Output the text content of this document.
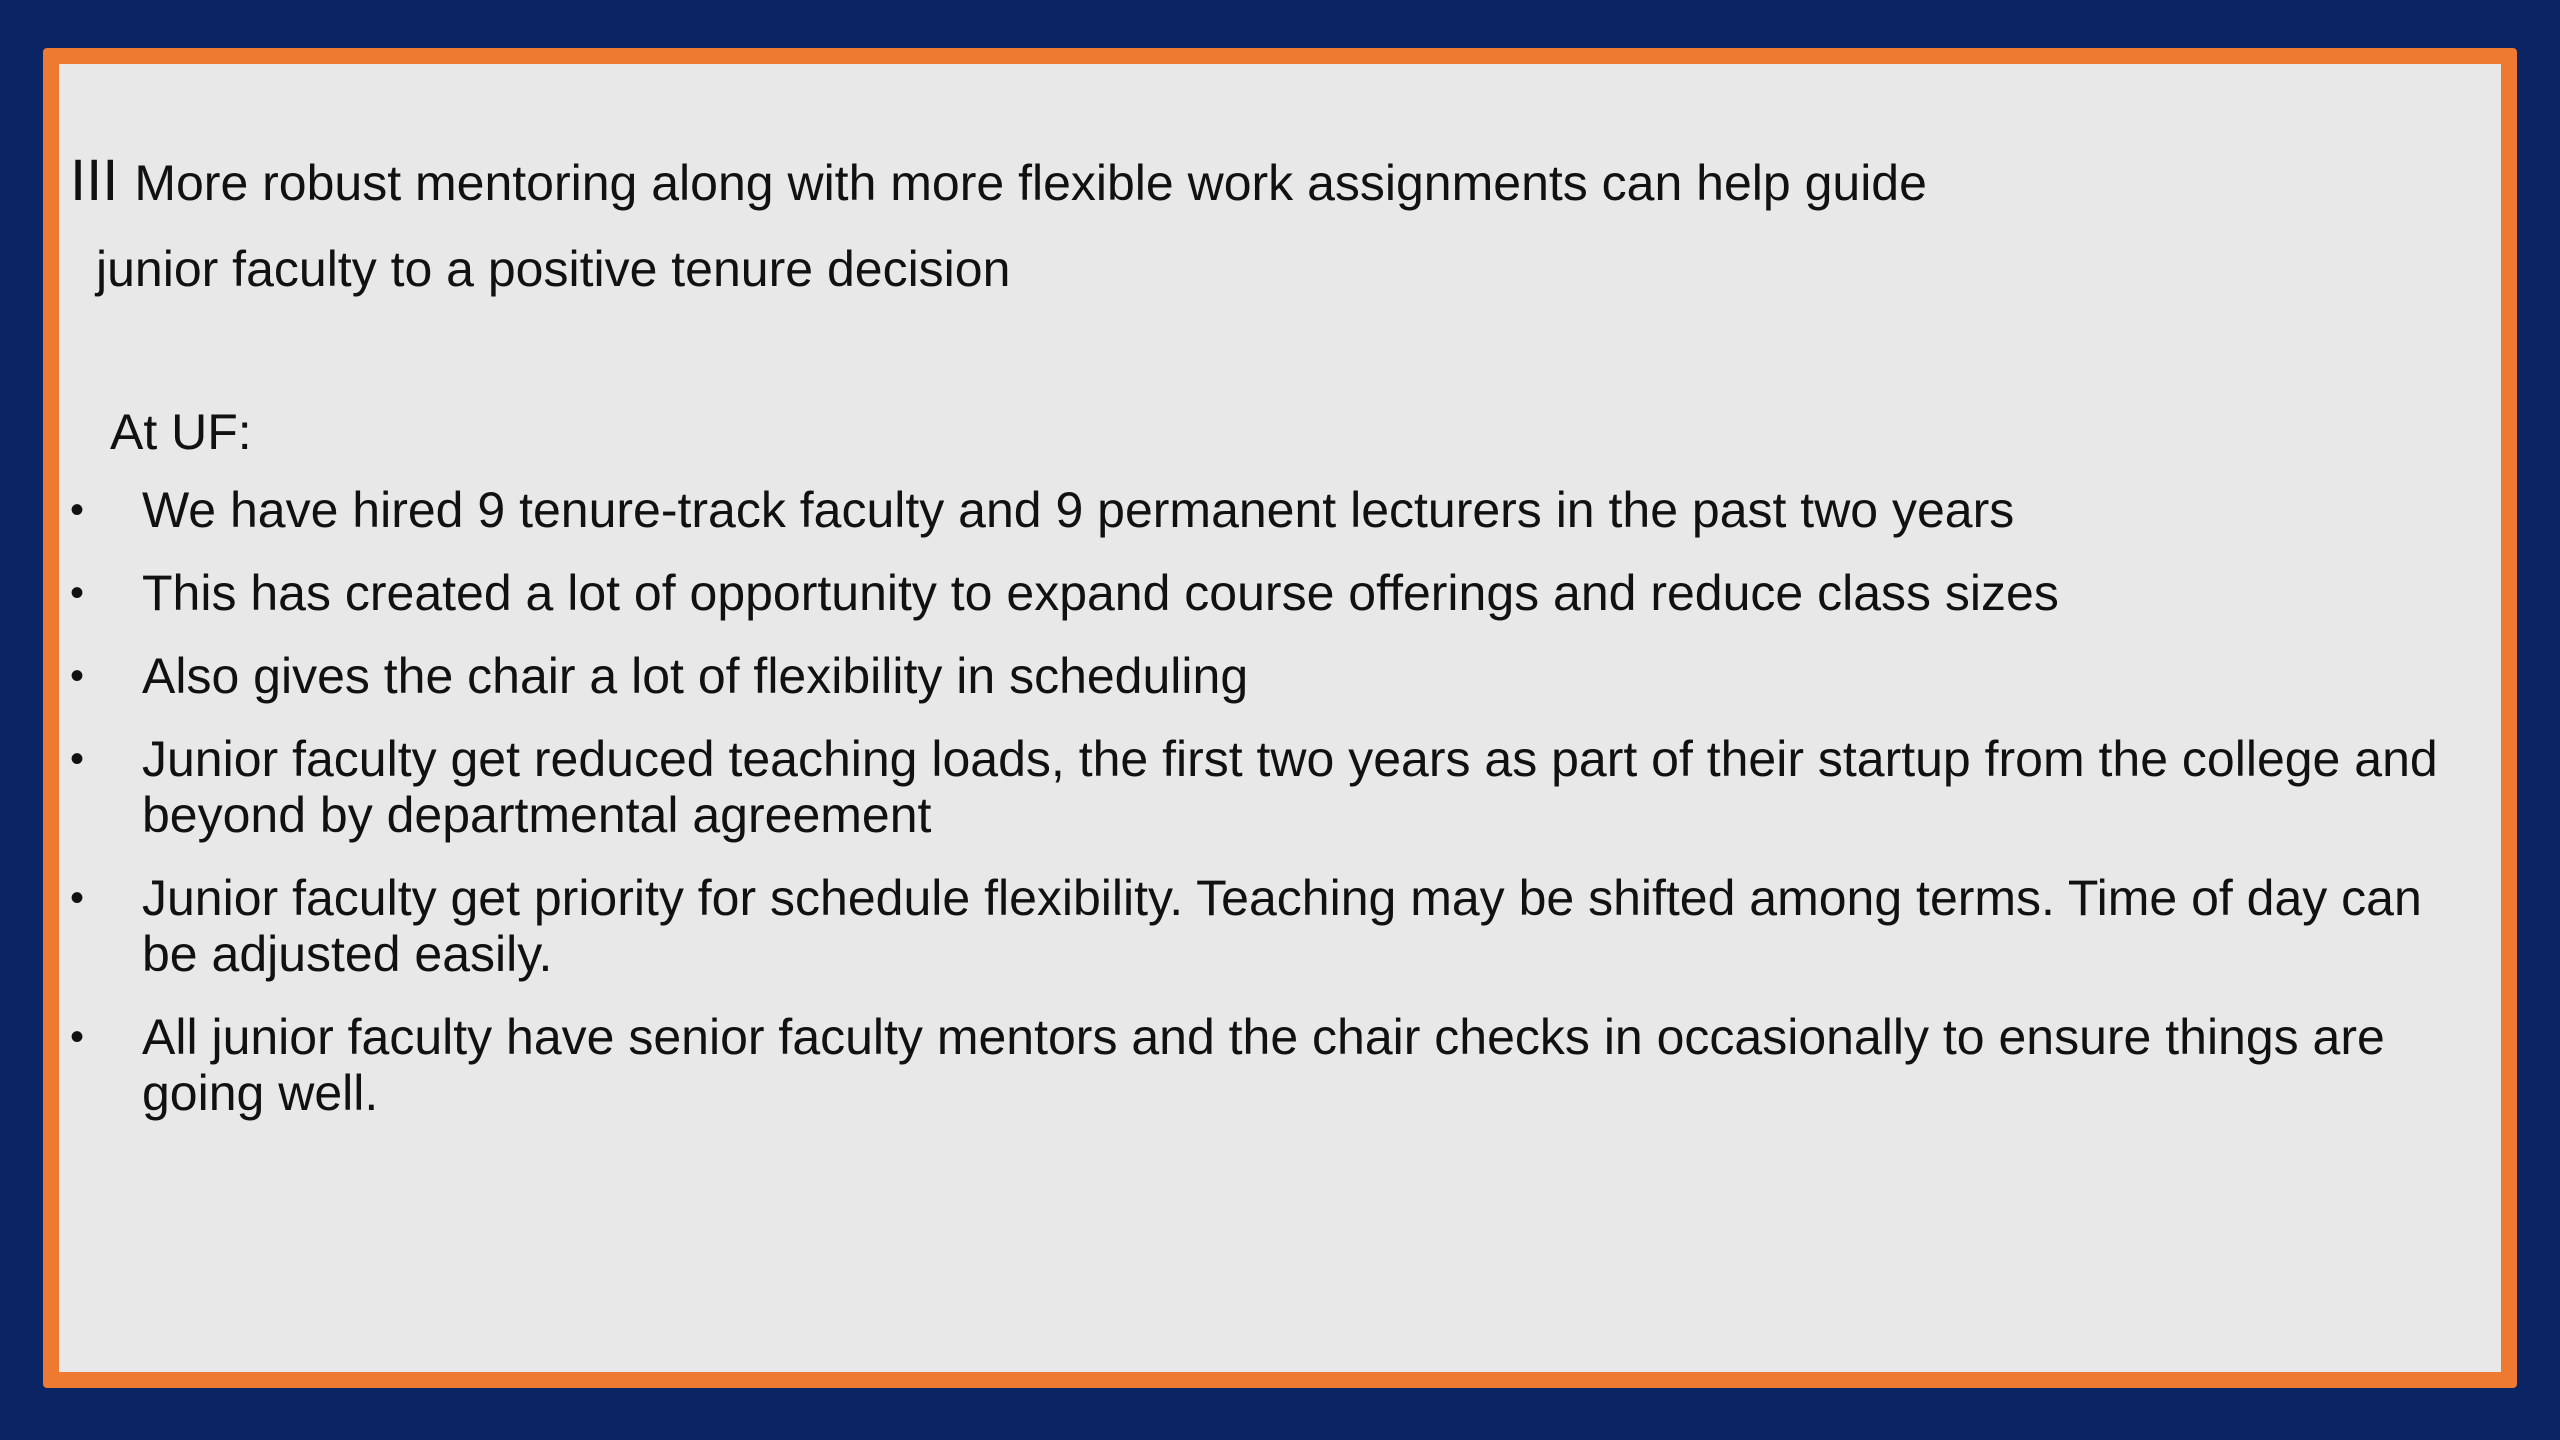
III More robust mentoring along with more flexible work assignments can help guide
junior faculty to a positive tenure decision
At UF:
•	We have hired 9 tenure-track faculty and 9 permanent lecturers in the past two years
•	This has created a lot of opportunity to expand course offerings and reduce class sizes
•	Also gives the chair a lot of flexibility in scheduling
•	Junior faculty get reduced teaching loads, the first two years as part of their startup from the college and beyond by departmental agreement
•	Junior faculty get priority for schedule flexibility. Teaching may be shifted among terms. Time of day can be adjusted easily.
•	All junior faculty have senior faculty mentors and the chair checks in occasionally to ensure things are going well.
